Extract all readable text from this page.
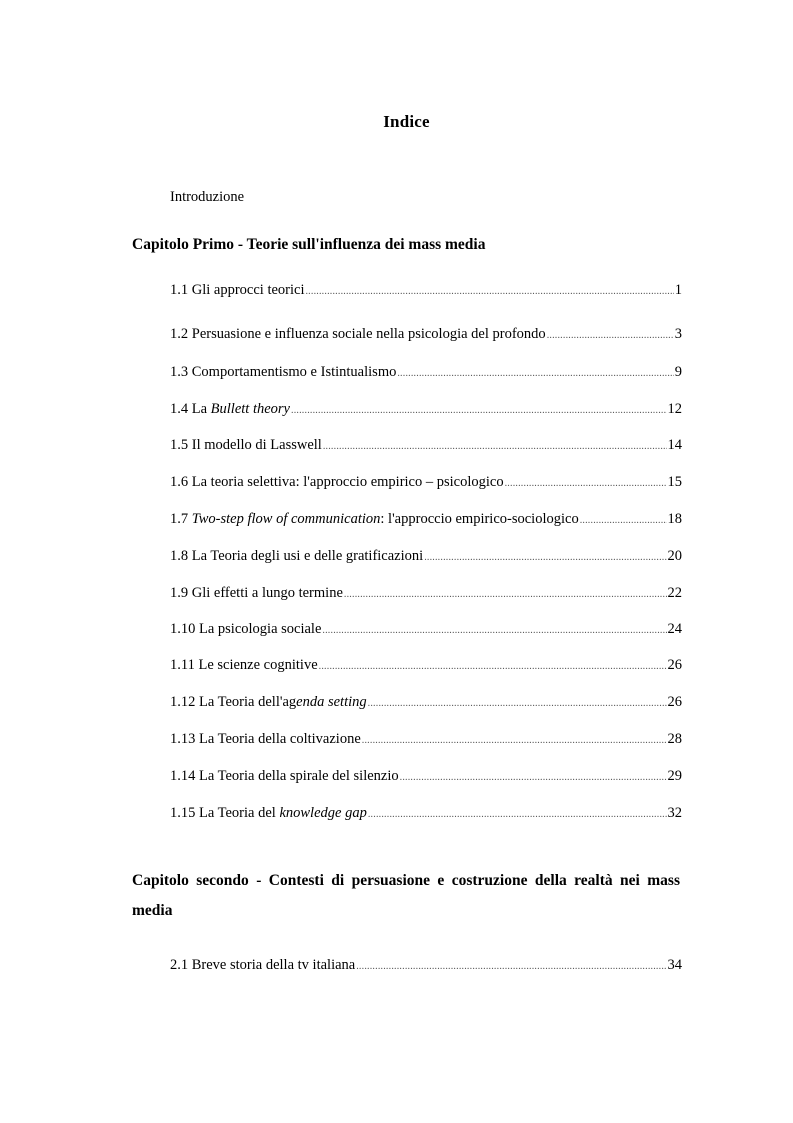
Indice
Introduzione
Capitolo Primo - Teorie sull'influenza dei mass media
1.1 Gli approcci teorici .....	1
1.2 Persuasione e influenza sociale nella psicologia del profondo .....	3
1.3 Comportamentismo e Istintualismo .....	9
1.4 La Bullett theory .....	12
1.5 Il modello di Lasswell .....	14
1.6 La teoria selettiva: l'approccio empirico – psicologico .....	15
1.7 Two-step flow of communication: l'approccio empirico-sociologico .....	18
1.8 La Teoria degli usi e delle gratificazioni .....	20
1.9 Gli effetti a lungo termine .....	22
1.10 La psicologia sociale .....	24
1.11 Le scienze cognitive .....	26
1.12 La Teoria dell'agenda setting .....	26
1.13 La Teoria della coltivazione .....	28
1.14 La Teoria della spirale del silenzio .....	29
1.15 La Teoria del knowledge gap .....	32
Capitolo secondo - Contesti di persuasione e costruzione della realtà nei mass media
2.1 Breve storia della tv italiana .....	34
